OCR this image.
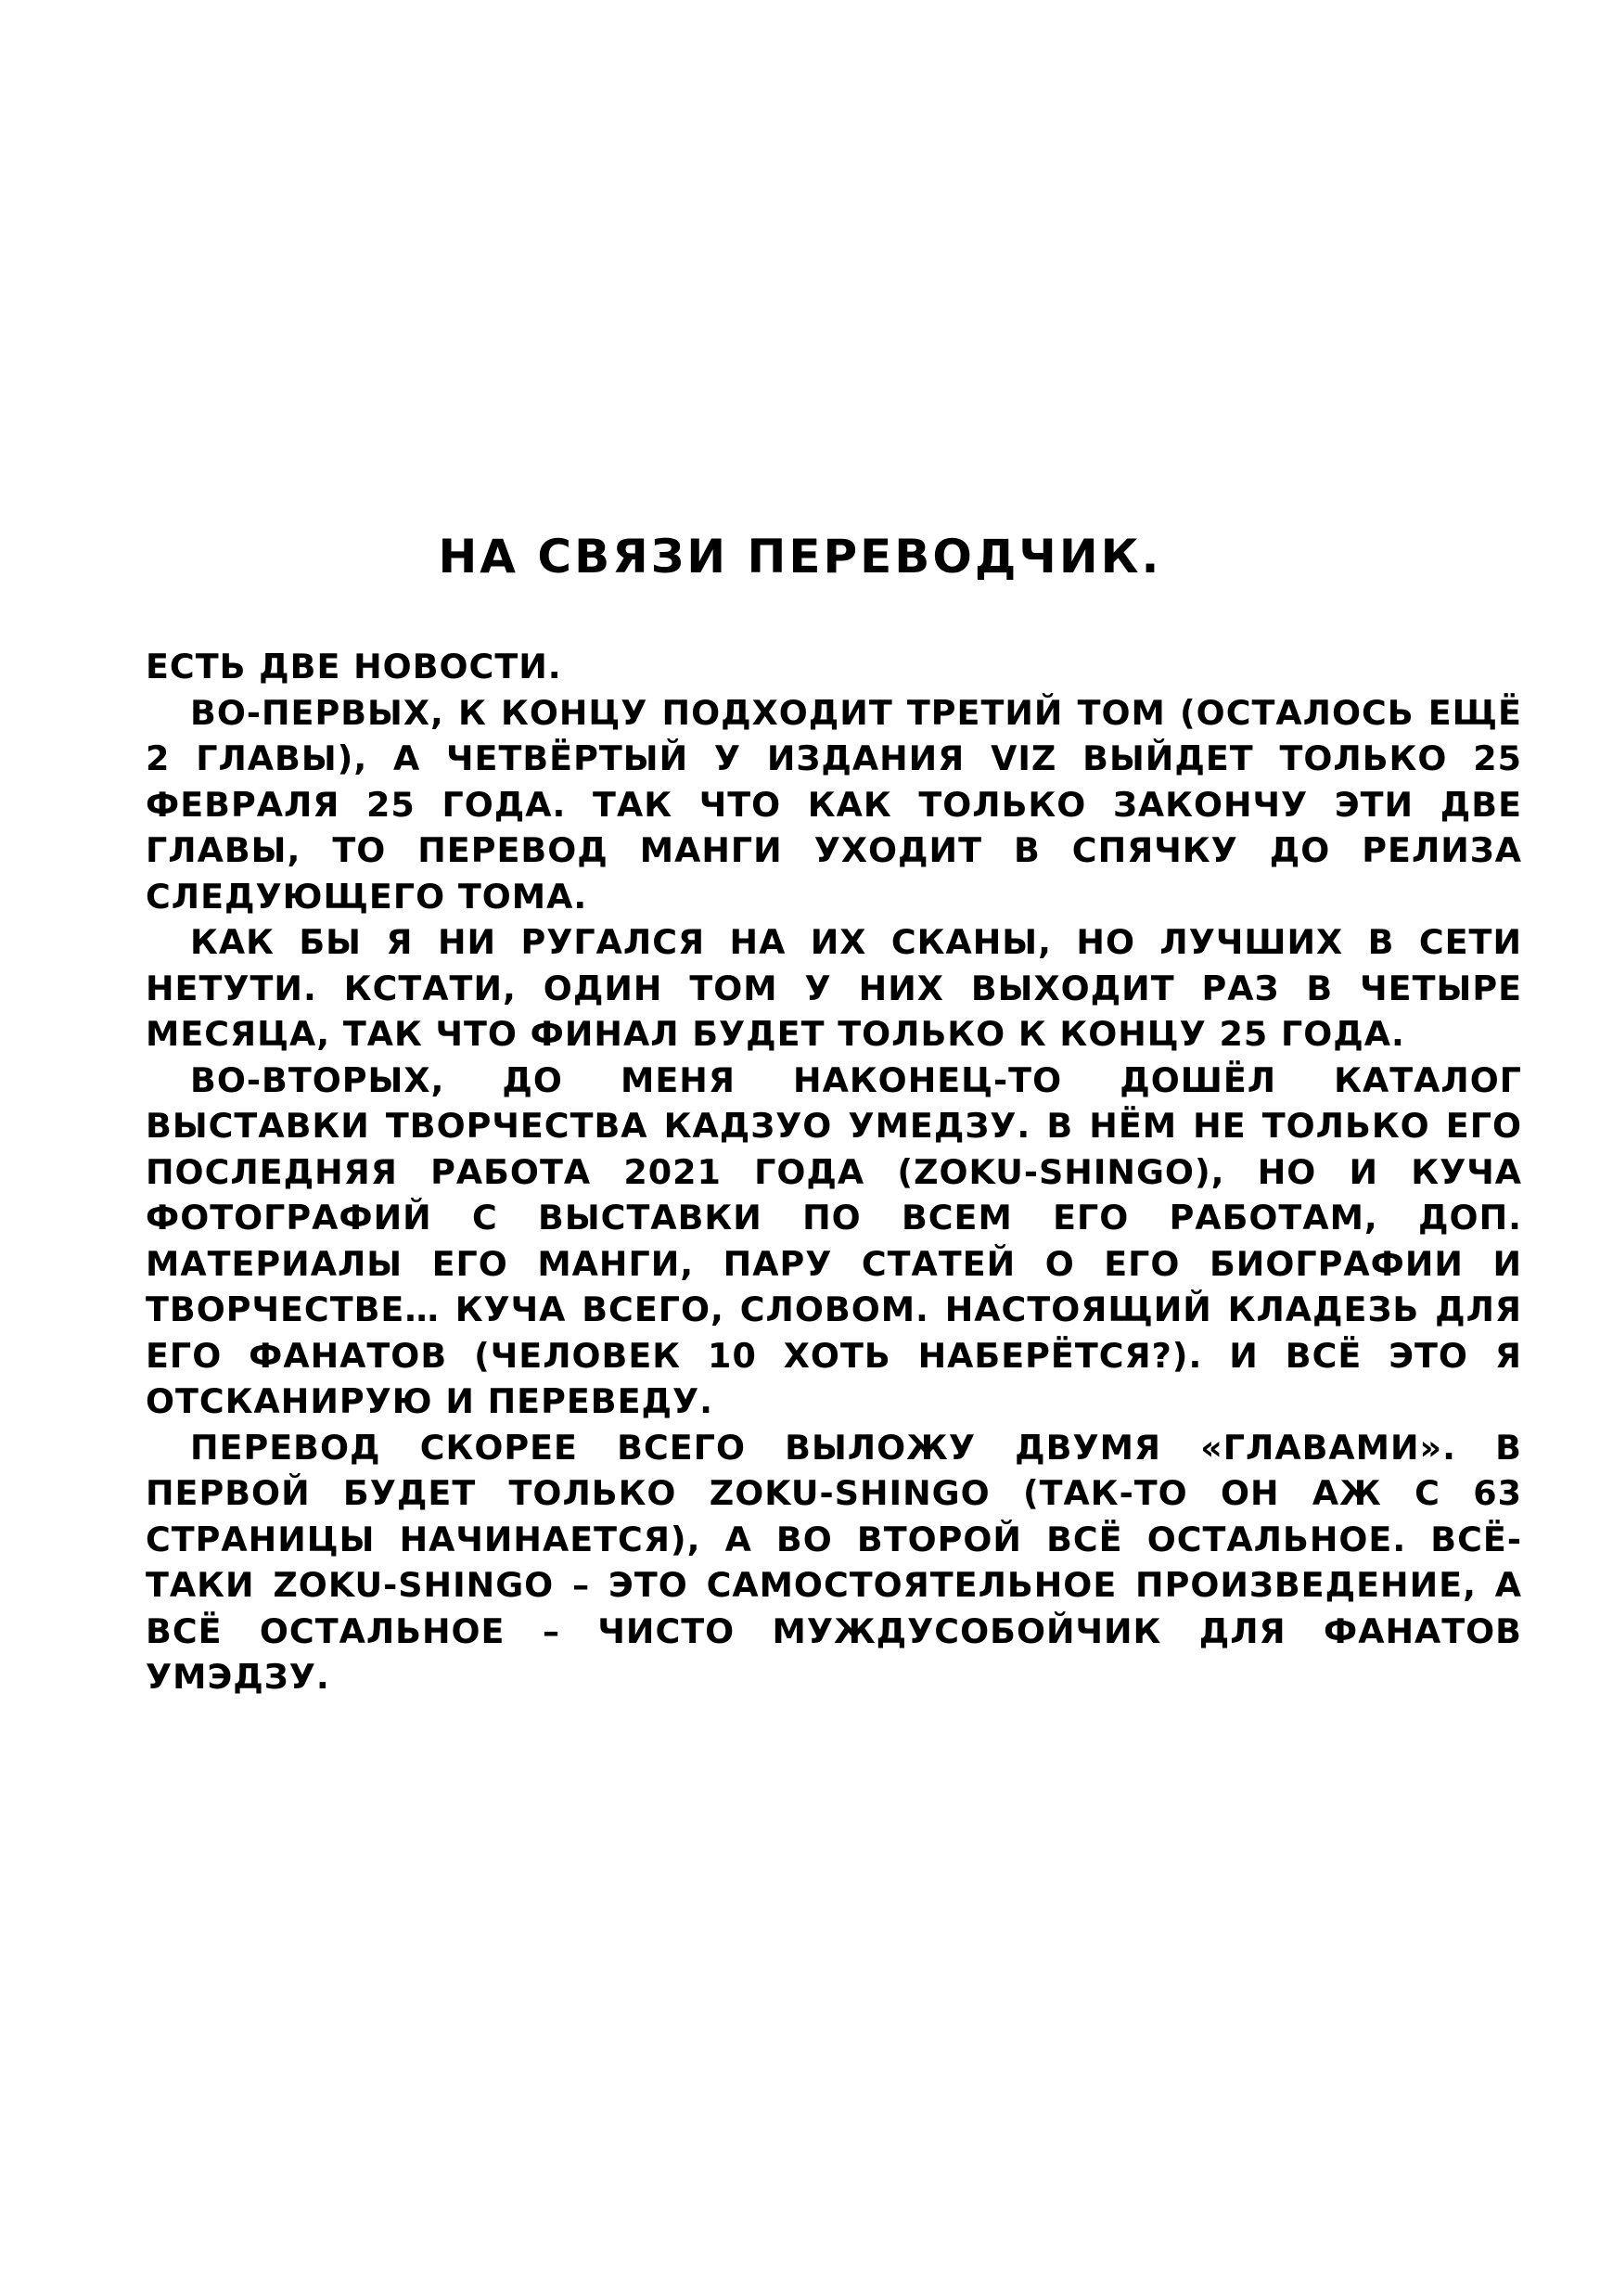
НА СВЯЗИ ПЕРЕВОДЧИК.

ЕСТЬ ДВЕ НОВОСТИ.

ВО-ПЕРВЫХ, К КОНЦУ ПОДХОДИТ ТРЕТИЙ ТОМ (ОСТАЛОСЬ ЕЩЁ 2 ГЛАВЫ), А ЧЕТВЁРТЫЙ У ИЗДАНИЯ VIZ ВЫЙДЕТ ТОЛЬКО 25 ФЕВРАЛЯ 25 ГОДА. ТАК ЧТО КАК ТОЛЬКО ЗАКОНЧУ ЭТИ ДВЕ ГЛАВЫ, ТО ПЕРЕВОД МАНГИ УХОДИТ В СПЯЧКУ ДО РЕЛИЗА СЛЕДУЮЩЕГО ТОМА.

КАК БЫ Я НИ РУГАЛСЯ НА ИХ СКАНЫ, НО ЛУЧШИХ В СЕТИ НЕТУТИ. КСТАТИ, ОДИН ТОМ У НИХ ВЫХОДИТ РАЗ В ЧЕТЫРЕ МЕСЯЦА, ТАК ЧТО ФИНАЛ БУДЕТ ТОЛЬКО К КОНЦУ 25 ГОДА.

ВО-ВТОРЫХ, ДО МЕНЯ НАКОНЕЦ-ТО ДОШЁЛ КАТАЛОГ ВЫСТАВКИ ТВОРЧЕСТВА КАДЗУО УМЕДЗУ. В НЁМ НЕ ТОЛЬКО ЕГО ПОСЛЕДНЯЯ РАБОТА 2021 ГОДА (ZOKU-SHINGO), НО И КУЧА ФОТОГРАФИЙ С ВЫСТАВКИ ПО ВСЕМ ЕГО РАБОТАМ, ДОП. МАТЕРИАЛЫ ЕГО МАНГИ, ПАРУ СТАТЕЙ О ЕГО БИОГРАФИИ И ТВОРЧЕСТВЕ… КУЧА ВСЕГО, СЛОВОМ. НАСТОЯЩИЙ КЛАДЕЗЬ ДЛЯ ЕГО ФАНАТОВ (ЧЕЛОВЕК 10 ХОТЬ НАБЕРЁТСЯ?). И ВСЁ ЭТО Я ОТСКАНИРУЮ И ПЕРЕВЕДУ.

ПЕРЕВОД СКОРЕЕ ВСЕГО ВЫЛОЖУ ДВУМЯ «ГЛАВАМИ». В ПЕРВОЙ БУДЕТ ТОЛЬКО ZOKU-SHINGO (ТАК-ТО ОН АЖ С 63 СТРАНИЦЫ НАЧИНАЕТСЯ), А ВО ВТОРОЙ ВСЁ ОСТАЛЬНОЕ. ВСЁ-ТАКИ ZOKU-SHINGO – ЭТО САМОСТОЯТЕЛЬНОЕ ПРОИЗВЕДЕНИЕ, А ВСЁ ОСТАЛЬНОЕ – ЧИСТО МУЖДУСОБОЙЧИК ДЛЯ ФАНАТОВ УМЭДЗУ.
